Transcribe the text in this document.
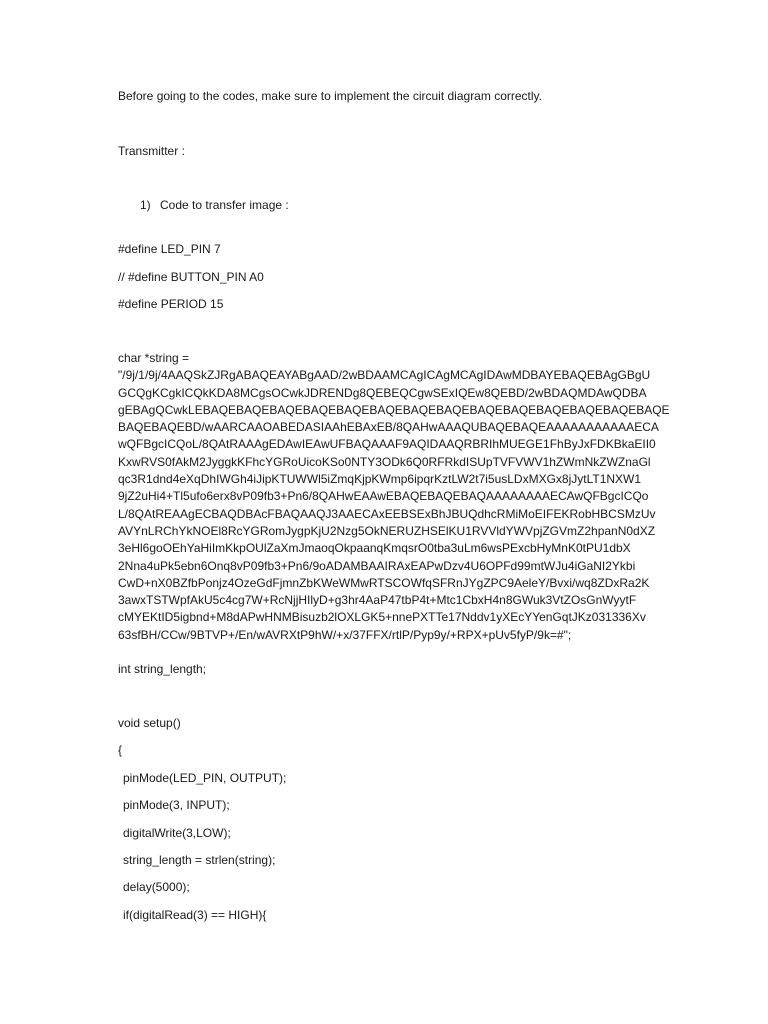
Before going to the codes, make sure to implement the circuit diagram correctly.

Transmitter :

1) Code to transfer image :

#define LED_PIN 7

// #define BUTTON_PIN A0

#define PERIOD 15

char *string =
"/9j/1/9j/4AAQSkZJRgABAQEAYABgAAD/2wBDAAMCAgICAgMCAgIDAwMDBAYEBAQEBAgGBgU
GCQgKCgkICQkKDA8MCgsOCwkJDRENDg8QEBEQCgwSExIQEw8QEBD/2wBDAQMDAwQDBA
gEBAgQCwkLEBAQEBAQEBAQEBAQEBAQEBAQEBAQEBAQEBAQEBAQEBAQEBAQEBAQEBAQE
BAQEBAQEBD/wAARCAAOABEDASIAAhEBAxEB/8QAHwAAAQUBAQEBAQEAAAAAAAAAAAECA
wQFBgcICQoL/8QAtRAAAgEDAwIEAwUFBAQAAAF9AQIDAAQRBRIhMUEGE1FhByJxFDKBkaEII0
KxwRVS0fAkM2JyggkKFhcYGRoUicoKSo0NTY3ODk6Q0RFRkdISUpTVFVWV1hZWmNkZWZnaGl
qc3R1dnd4eXqDhIWGh4iJipKTUWWl5iZmqKjpKWmp6ipqrKztLW2t7i5usLDxMXGx8jJytLT1NXW1
9jZ2uHi4+Tl5ufo6erx8vP09fb3+Pn6/8QAHwEAAwEBAQEBAQEBAQAAAAAAAAECAwQFBgcICQo
L/8QAtREAAgECBAQDBAcFBAQAAQJ3AAECAxEEBSExBhJBUQdhcRMiMoEIFEKRobHBCSMzUv
AVYnLRChYkNOEl8RcYGRomJygpKjU2Nzg5OkNERUZHSElKU1RVVldYWVpjZGVmZ2hpanN0dXZ
3eHl6goOEhYaHiImKkpOUlZaXmJmaoqOkpaanqKmqsrO0tba3uLm6wsPExcbHyMnK0tPU1dbX
2Nna4uPk5ebn6Onq8vP09fb3+Pn6/9oADAMBAAIRAxEAPwDzv4U6OPFd99mtWJu4iGaNI2Ykbi
CwD+nX0BZfbPonjz4OzeGdFjmnZbKWeWMwRTSCOWfqSFRnJYgZPC9AeleY/Bvxi/wq8ZDxRa2K
3awxTSTWpfAkU5c4cg7W+RcNjjHIlyD+g3hr4AaP47tbP4t+Mtc1CbxH4n8GWuk3VtZOsGnWyytF
cMYEKtID5igbnd+M8dAPwHNMBisuzb2lOXLGK5+nnePXTTe17Nddv1yXEcYYenGqtJKz031336Xv
63sfBH/CCw/9BTVP+/En/wAVRXtP9hW/+x/37FFX/rtlP/Pyp9y/+RPX+pUv5fyP/9k=#";

int string_length;

void setup()

{

pinMode(LED_PIN, OUTPUT);

pinMode(3, INPUT);

digitalWrite(3,LOW);

string_length = strlen(string);

delay(5000);

if(digitalRead(3) == HIGH){
